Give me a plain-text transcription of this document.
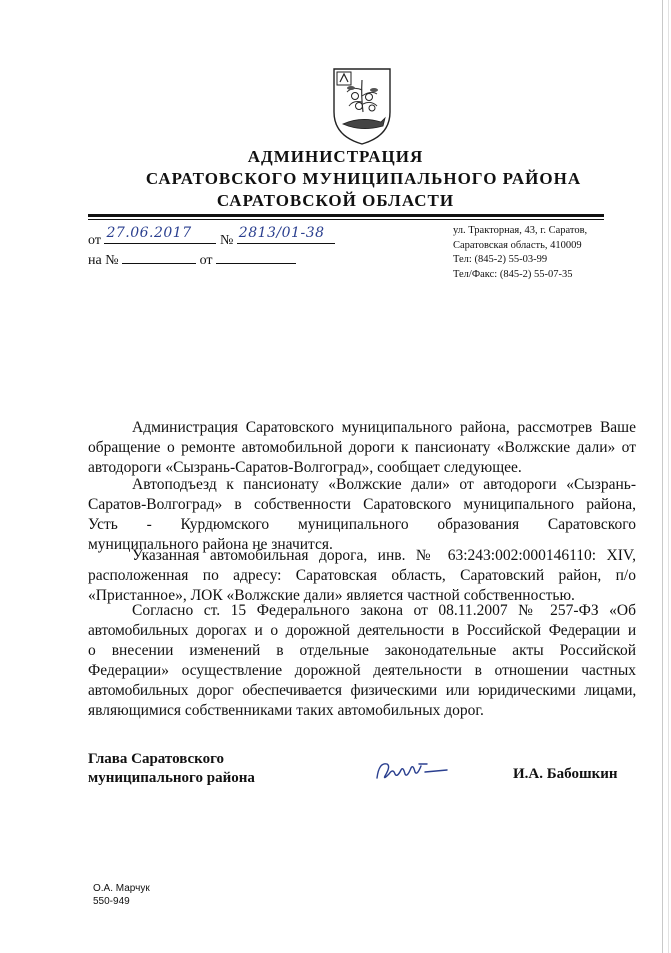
АДМИНИСТРАЦИЯ
САРАТОВСКОГО МУНИЦИПАЛЬНОГО РАЙОНА
САРАТОВСКОЙ ОБЛАСТИ
от 27.06.2017 № 2813/01-38
на №	от
ул. Тракторная, 43, г. Саратов,
Саратовская область, 410009
Тел: (845-2) 55-03-99
Тел/Факс: (845-2) 55-07-35

Администрация Саратовского муниципального района, рассмотрев Ваше
обращение о ремонте автомобильной дороги к пансионату «Волжские дали» от
автодороги «Сызрань-Саратов-Волгоград», сообщает следующее.

Автоподъезд к пансионату «Волжские дали» от автодороги «Сызрань-
Саратов-Волгоград» в собственности Саратовского муниципального района,
Усть - Курдюмского муниципального образования Саратовского
муниципального района не значится.

Указанная автомобильная дорога, инв. № 63:243:002:000146110: XIV,
расположенная по адресу: Саратовская область, Саратовский район, п/о
«Пристанное», ЛОК «Волжские дали» является частной собственностью.

Согласно ст. 15 Федерального закона от 08.11.2007 № 257-ФЗ «Об
автомобильных дорогах и о дорожной деятельности в Российской Федерации и
о внесении изменений в отдельные законодательные акты Российской
Федерации» осуществление дорожной деятельности в отношении частных
автомобильных дорог обеспечивается физическими или юридическими лицами,
являющимися собственниками таких автомобильных дорог.

Глава Саратовского
муниципального района	И.А. Бабошкин
О.А. Марчук
550-949
